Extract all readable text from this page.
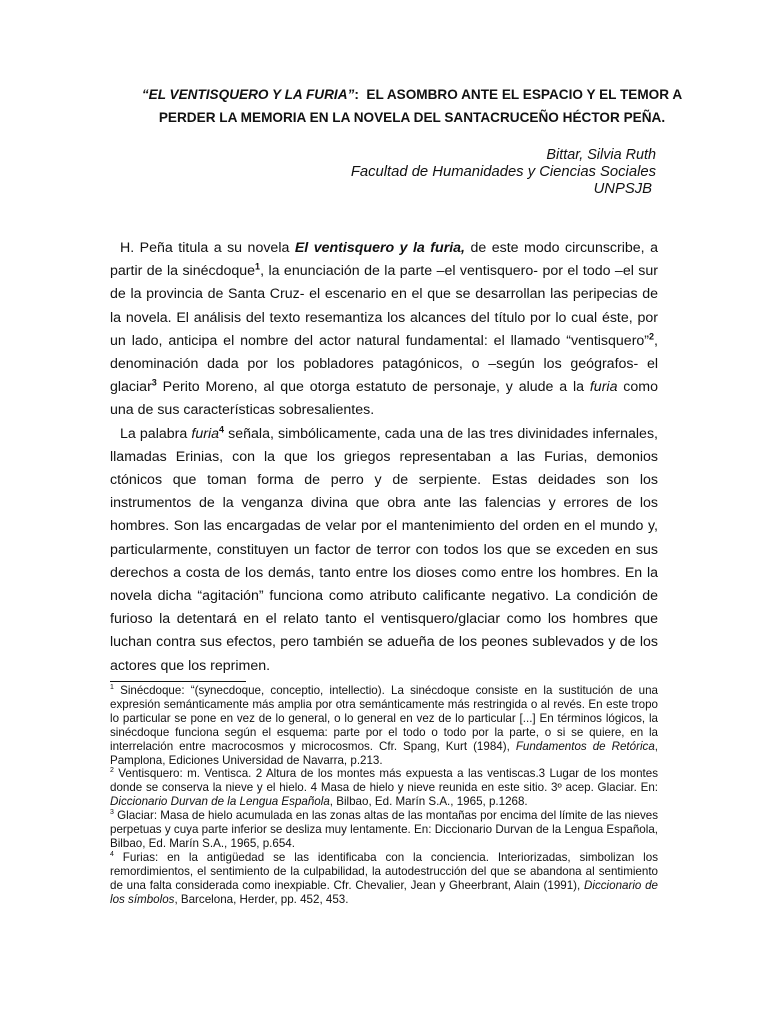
“EL VENTISQUERO Y LA FURIA”: EL ASOMBRO ANTE EL ESPACIO Y EL TEMOR A
PERDER LA MEMORIA EN LA NOVELA DEL SANTACRUCEÑO HÉCTOR PEÑA.
Bittar, Silvia Ruth
Facultad de Humanidades y Ciencias Sociales
UNPSJB

H. Peña titula a su novela El ventisquero y la furia, de este modo circunscribe, a partir de la sinécdoque$^1$, la enunciación de la parte –el ventisquero- por el todo –el sur de la provincia de Santa Cruz- el escenario en el que se desarrollan las peripecias de la novela. El análisis del texto resemantiza los alcances del título por lo cual éste, por un lado, anticipa el nombre del actor natural fundamental: el llamado “ventisquero”$^2$, denominación dada por los pobladores patagónicos, o –según los geógrafos- el glaciar$^3$ Perito Moreno, al que otorga estatuto de personaje, y alude a la furia como una de sus características sobresalientes.

La palabra furia$^4$ señala, simbólicamente, cada una de las tres divinidades infernales, llamadas Erinias, con la que los griegos representaban a las Furias, demonios ctónicos que toman forma de perro y de serpiente. Estas deidades son los instrumentos de la venganza divina que obra ante las falencias y errores de los hombres. Son las encargadas de velar por el mantenimiento del orden en el mundo y, particularmente, constituyen un factor de terror con todos los que se exceden en sus derechos a costa de los demás, tanto entre los dioses como entre los hombres. En la novela dicha “agitación” funciona como atributo calificante negativo. La condición de furioso la detentará en el relato tanto el ventisquero/glaciar como los hombres que luchan contra sus efectos, pero también se adueña de los peones sublevados y de los actores que los reprimen.

$^1$ Sinécdoque: “(synecdoque, conceptio, intellectio). La sinécdoque consiste en la sustitución de una expresión semánticamente más amplia por otra semánticamente más restringida o al revés. En este tropo lo particular se pone en vez de lo general, o lo general en vez de lo particular [...] En términos lógicos, la sinécdoque funciona según el esquema: parte por el todo o todo por la parte, o si se quiere, en la interrelación entre macrocosmos y microcosmos. Cfr. Spang, Kurt (1984), Fundamentos de Retórica, Pamplona, Ediciones Universidad de Navarra, p.213.

$^2$ Ventisquero: m. Ventisca. 2 Altura de los montes más expuesta a las ventiscas.3 Lugar de los montes donde se conserva la nieve y el hielo. 4 Masa de hielo y nieve reunida en este sitio. 3º acep. Glaciar. En: Diccionario Durvan de la Lengua Española, Bilbao, Ed. Marín S.A., 1965, p.1268.

$^3$ Glaciar: Masa de hielo acumulada en las zonas altas de las montañas por encima del límite de las nieves perpetuas y cuya parte inferior se desliza muy lentamente. En: Diccionario Durvan de la Lengua Española, Bilbao, Ed. Marín S.A., 1965, p.654.

$^4$ Furias: en la antigüedad se las identificaba con la conciencia. Interiorizadas, simbolizan los remordimientos, el sentimiento de la culpabilidad, la autodestrucción del que se abandona al sentimiento de una falta considerada como inexpiable. Cfr. Chevalier, Jean y Gheerbrant, Alain (1991), Diccionario de los símbolos, Barcelona, Herder, pp. 452, 453.
